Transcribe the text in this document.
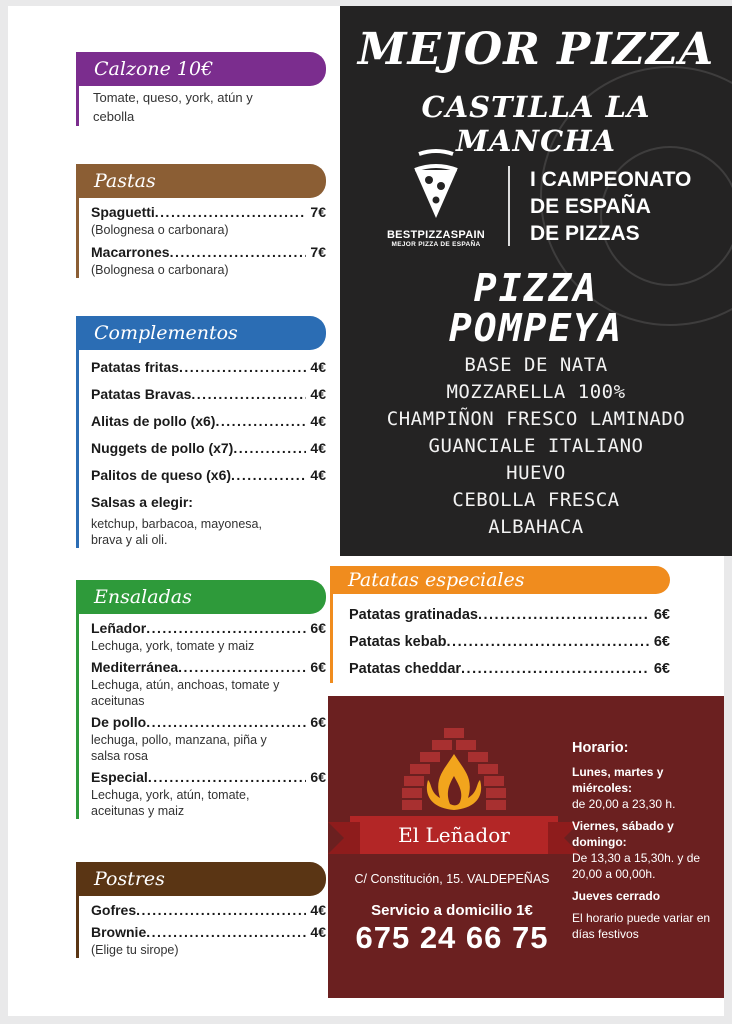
Calzone 10€
Tomate, queso, york, atún y cebolla
Pastas
Spaguetti .....	7€
(Bolognesa o carbonara)
Macarrones .....	7€
(Bolognesa o carbonara)
Complementos
Patatas fritas .....	4€
Patatas Bravas .....	4€
Alitas de pollo (x6) .....	4€
Nuggets de pollo (x7) .....	4€
Palitos de queso (x6) .....	4€
Salsas a elegir:
ketchup, barbacoa, mayonesa, brava y ali oli.
Ensaladas
Leñador .....	6€
Lechuga, york, tomate y maiz
Mediterránea .....	6€
Lechuga, atún, anchoas, tomate y aceitunas
De pollo .....	6€
lechuga, pollo, manzana, piña y salsa rosa
Especial .....	6€
Lechuga, york, atún, tomate, aceitunas y maiz
Postres
Gofres .....	4€
Brownie .....	4€
(Elige tu sirope)
MEJOR PIZZA
CASTILLA LA MANCHA
BESTPIZZASPAIN
MEJOR PIZZA DE ESPAÑA
I CAMPEONATO
DE ESPAÑA
DE PIZZAS
PIZZA
POMPEYA
BASE DE NATA
MOZZARELLA 100%
CHAMPIÑON FRESCO LAMINADO
GUANCIALE ITALIANO
HUEVO
CEBOLLA FRESCA
ALBAHACA
Patatas especiales
Patatas gratinadas .....	6€
Patatas kebab .....	6€
Patatas cheddar .....	6€
El Leñador
C/ Constitución, 15. VALDEPEÑAS
Servicio a domicilio 1€
675 24 66 75
Horario:
Lunes, martes y miércoles:
de 20,00 a 23,30 h.
Viernes, sábado y domingo:
De 13,30 a 15,30h. y de 20,00 a 00,00h.
Jueves cerrado
El horario puede variar en días festivos
